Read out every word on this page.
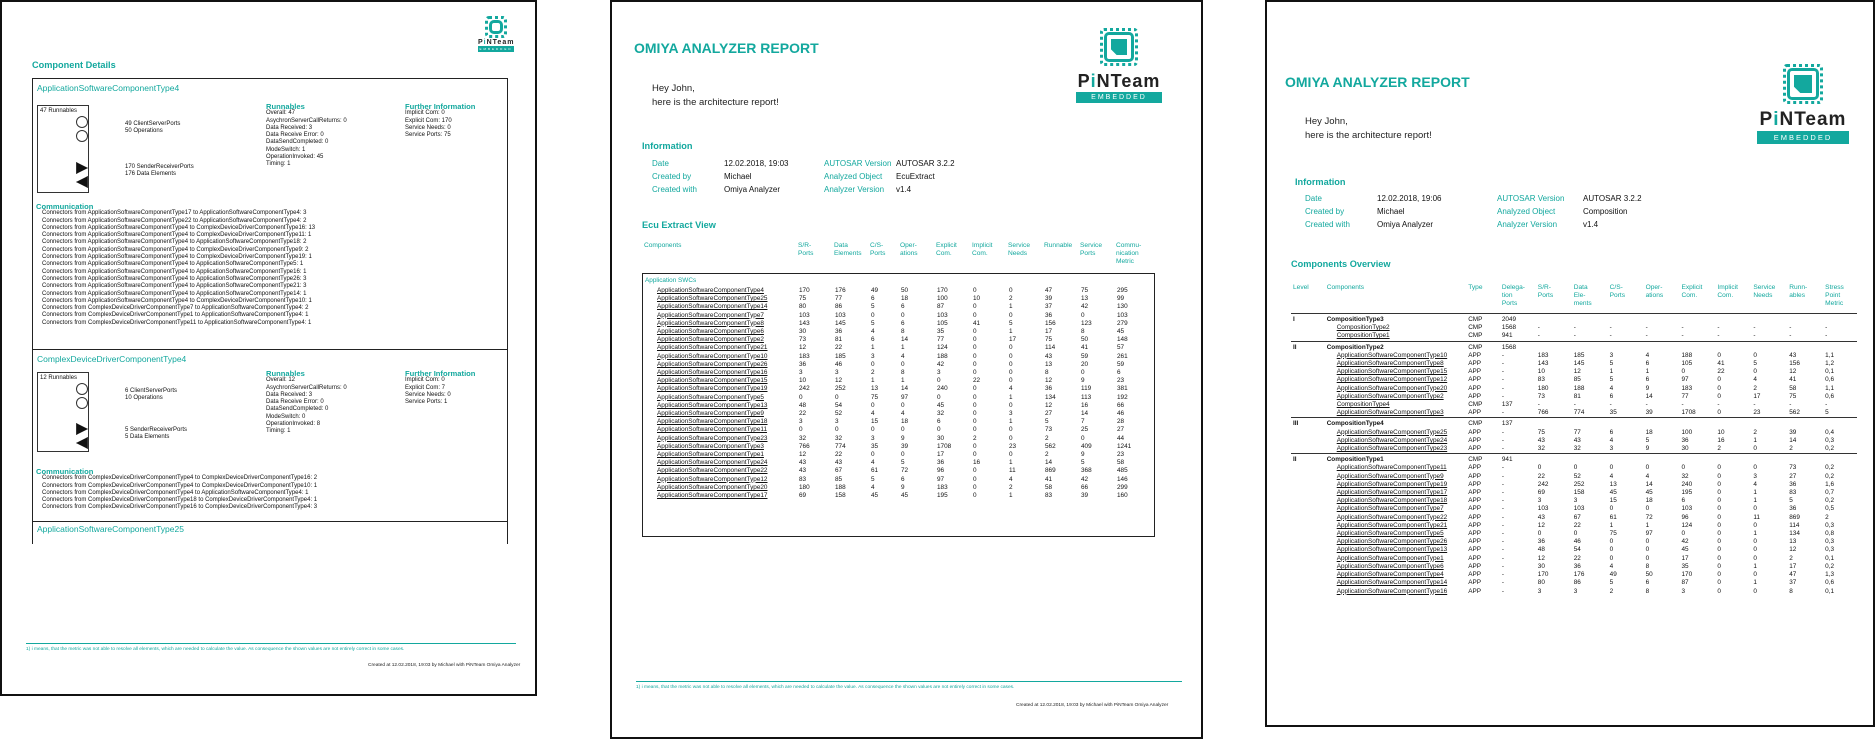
PiNTeam
EMBEDDED
Component Details
ApplicationSoftwareComponentType4
47 Runnables
49 ClientServerPorts
50 Operations
170 SenderReceiverPorts
176 Data Elements
Runnables
Overall: 47
AsychronServerCallReturns: 0
Data Received: 3
Data Receive Error: 0
DataSendCompleted: 0
ModeSwitch: 1
OperationInvoked: 45
Timing: 1
Further Information
Implicit Com: 0
Explicit Com: 170
Service Needs: 0
Service Ports: 75
Communication
Connectors from ApplicationSoftwareComponentType17 to ApplicationSoftwareComponentType4: 3
Connectors from ApplicationSoftwareComponentType22 to ApplicationSoftwareComponentType4: 2
Connectors from ApplicationSoftwareComponentType4 to ComplexDeviceDriverComponentType16: 13
Connectors from ApplicationSoftwareComponentType4 to ComplexDeviceDriverComponentType11: 1
Connectors from ApplicationSoftwareComponentType4 to ApplicationSoftwareComponentType18: 2
Connectors from ApplicationSoftwareComponentType4 to ComplexDeviceDriverComponentType9: 2
Connectors from ApplicationSoftwareComponentType4 to ComplexDeviceDriverComponentType19: 1
Connectors from ApplicationSoftwareComponentType4 to ApplicationSoftwareComponentType5: 1
Connectors from ApplicationSoftwareComponentType4 to ApplicationSoftwareComponentType16: 1
Connectors from ApplicationSoftwareComponentType4 to ApplicationSoftwareComponentType26: 3
Connectors from ApplicationSoftwareComponentType4 to ApplicationSoftwareComponentType21: 3
Connectors from ApplicationSoftwareComponentType4 to ApplicationSoftwareComponentType14: 1
Connectors from ApplicationSoftwareComponentType4 to ComplexDeviceDriverComponentType10: 1
Connectors from ComplexDeviceDriverComponentType7 to ApplicationSoftwareComponentType4: 2
Connectors from ComplexDeviceDriverComponentType1 to ApplicationSoftwareComponentType4: 1
Connectors from ComplexDeviceDriverComponentType11 to ApplicationSoftwareComponentType4: 1
ComplexDeviceDriverComponentType4
12 Runnables
6 ClientServerPorts
10 Operations
5 SenderReceiverPorts
5 Data Elements
Runnables
Overall: 12
AsychronServerCallReturns: 0
Data Received: 3
Data Receive Error: 0
DataSendCompleted: 0
ModeSwitch: 0
OperationInvoked: 8
Timing: 1
Further Information
Implicit Com: 0
Explicit Com: 7
Service Needs: 0
Service Ports: 1
Communication
Connectors from ComplexDeviceDriverComponentType4 to ComplexDeviceDriverComponentType16: 2
Connectors from ComplexDeviceDriverComponentType4 to ComplexDeviceDriverComponentType10: 1
Connectors from ComplexDeviceDriverComponentType4 to ApplicationSoftwareComponentType4: 1
Connectors from ComplexDeviceDriverComponentType18 to ComplexDeviceDriverComponentType4: 1
Connectors from ComplexDeviceDriverComponentType16 to ComplexDeviceDriverComponentType4: 3
ApplicationSoftwareComponentType25
1) i means, that the metric was not able to resolve all elements, which are needed to calculate the value. As consequence the shown values are not entirely correct in some cases.
Created at 12.02.2018, 19:03 by Michael with PiNTeam Omiya Analyzer
OMIYA ANALYZER REPORT
PiNTeam
EMBEDDED
Hey John,
here is the architecture report!
Information
Date	12.02.2018, 19:03	AUTOSAR Version	AUTOSAR 3.2.2
Created by	Michael	Analyzed Object	EcuExtract
Created with	Omiya Analyzer	Analyzer Version	v1.4
Ecu Extract View
Components	S/R-
Ports	Data
Elements	C/S-
Ports	Oper-
ations	Explicit
Com.	Implicit
Com.	Service
Needs	Runnable	Service
Ports	Commu-
nication
Metric
Application SWCs
ApplicationSoftwareComponentType4	170	176	49	50	170	0	0	47	75	295
ApplicationSoftwareComponentType25	75	77	6	18	100	10	2	39	13	99
ApplicationSoftwareComponentType14	80	86	5	6	87	0	1	37	42	130
ApplicationSoftwareComponentType7	103	103	0	0	103	0	0	36	0	103
ApplicationSoftwareComponentType8	143	145	5	6	105	41	5	156	123	279
ApplicationSoftwareComponentType6	30	36	4	8	35	0	1	17	8	45
ApplicationSoftwareComponentType2	73	81	6	14	77	0	17	75	50	148
ApplicationSoftwareComponentType21	12	22	1	1	124	0	0	114	41	57
ApplicationSoftwareComponentType10	183	185	3	4	188	0	0	43	59	261
ApplicationSoftwareComponentType26	36	46	0	0	42	0	0	13	20	59
ApplicationSoftwareComponentType16	3	3	2	8	3	0	0	8	0	6
ApplicationSoftwareComponentType15	10	12	1	1	0	22	0	12	9	23
ApplicationSoftwareComponentType19	242	252	13	14	240	0	4	36	119	381
ApplicationSoftwareComponentType5	0	0	75	97	0	0	1	134	113	192
ApplicationSoftwareComponentType13	48	54	0	0	45	0	0	12	16	66
ApplicationSoftwareComponentType9	22	52	4	4	32	0	3	27	14	46
ApplicationSoftwareComponentType18	3	3	15	18	6	0	1	5	7	28
ApplicationSoftwareComponentType11	0	0	0	0	0	0	0	73	25	27
ApplicationSoftwareComponentType23	32	32	3	9	30	2	0	2	0	44
ApplicationSoftwareComponentType3	766	774	35	39	1708	0	23	562	409	1241
ApplicationSoftwareComponentType1	12	22	0	0	17	0	0	2	9	23
ApplicationSoftwareComponentType24	43	43	4	5	36	16	1	14	5	58
ApplicationSoftwareComponentType22	43	67	61	72	96	0	11	869	368	485
ApplicationSoftwareComponentType12	83	85	5	6	97	0	4	41	42	146
ApplicationSoftwareComponentType20	180	188	4	9	183	0	2	58	66	299
ApplicationSoftwareComponentType17	69	158	45	45	195	0	1	83	39	160
1) i means, that the metric was not able to resolve all elements, which are needed to calculate the value. As consequence the shown values are not entirely correct in some cases.
Created at 12.02.2018, 19:03 by Michael with PiNTeam Omiya Analyzer
OMIYA ANALYZER REPORT
PiNTeam
EMBEDDED
Hey John,
here is the architecture report!
Information
Date	12.02.2018, 19:06	AUTOSAR Version	AUTOSAR 3.2.2
Created by	Michael	Analyzed Object	Composition
Created with	Omiya Analyzer	Analyzer Version	v1.4
Components Overview
Level	Components	Type	Delega-
tion
Ports	S/R-
Ports	Data
Ele-
ments	C/S-
Ports	Oper-
ations	Explicit
Com.	Implicit
Com.	Service
Needs	Runn-
ables	Stress
Point
Metric
I	CompositionType3	CMP	2049									
	CompositionType2	CMP	1568	-	-	-	-	-	-	-	-	-
	CompositionType1	CMP	941	-	-	-	-	-	-	-	-	-
II	CompositionType2	CMP	1568									
	ApplicationSoftwareComponentType10	APP	-	183	185	3	4	188	0	0	43	1,1
	ApplicationSoftwareComponentType8	APP	-	143	145	5	6	105	41	5	156	1,2
	ApplicationSoftwareComponentType15	APP	-	10	12	1	1	0	22	0	12	0,1
	ApplicationSoftwareComponentType12	APP	-	83	85	5	6	97	0	4	41	0,6
	ApplicationSoftwareComponentType20	APP	-	180	188	4	9	183	0	2	58	1,1
	ApplicationSoftwareComponentType2	APP	-	73	81	6	14	77	0	17	75	0,6
	CompositionType4	CMP	137	-	-	-	-	-	-	-	-	-
	ApplicationSoftwareComponentType3	APP	-	766	774	35	39	1708	0	23	562	5
III	CompositionType4	CMP	137									
	ApplicationSoftwareComponentType25	APP	-	75	77	6	18	100	10	2	39	0,4
	ApplicationSoftwareComponentType24	APP	-	43	43	4	5	36	16	1	14	0,3
	ApplicationSoftwareComponentType23	APP	-	32	32	3	9	30	2	0	2	0,2
II	CompositionType1	CMP	941									
	ApplicationSoftwareComponentType11	APP	-	0	0	0	0	0	0	0	73	0,2
	ApplicationSoftwareComponentType9	APP	-	22	52	4	4	32	0	3	27	0,2
	ApplicationSoftwareComponentType19	APP	-	242	252	13	14	240	0	4	36	1,6
	ApplicationSoftwareComponentType17	APP	-	69	158	45	45	195	0	1	83	0,7
	ApplicationSoftwareComponentType18	APP	-	3	3	15	18	6	0	1	5	0,2
	ApplicationSoftwareComponentType7	APP	-	103	103	0	0	103	0	0	36	0,5
	ApplicationSoftwareComponentType22	APP	-	43	67	61	72	96	0	11	869	2
	ApplicationSoftwareComponentType21	APP	-	12	22	1	1	124	0	0	114	0,3
	ApplicationSoftwareComponentType5	APP	-	0	0	75	97	0	0	1	134	0,8
	ApplicationSoftwareComponentType26	APP	-	36	46	0	0	42	0	0	13	0,3
	ApplicationSoftwareComponentType13	APP	-	48	54	0	0	45	0	0	12	0,3
	ApplicationSoftwareComponentType1	APP	-	12	22	0	0	17	0	0	2	0,1
	ApplicationSoftwareComponentType6	APP	-	30	36	4	8	35	0	1	17	0,2
	ApplicationSoftwareComponentType4	APP	-	170	176	49	50	170	0	0	47	1,3
	ApplicationSoftwareComponentType14	APP	-	80	86	5	6	87	0	1	37	0,6
	ApplicationSoftwareComponentType16	APP	-	3	3	2	8	3	0	0	8	0,1
